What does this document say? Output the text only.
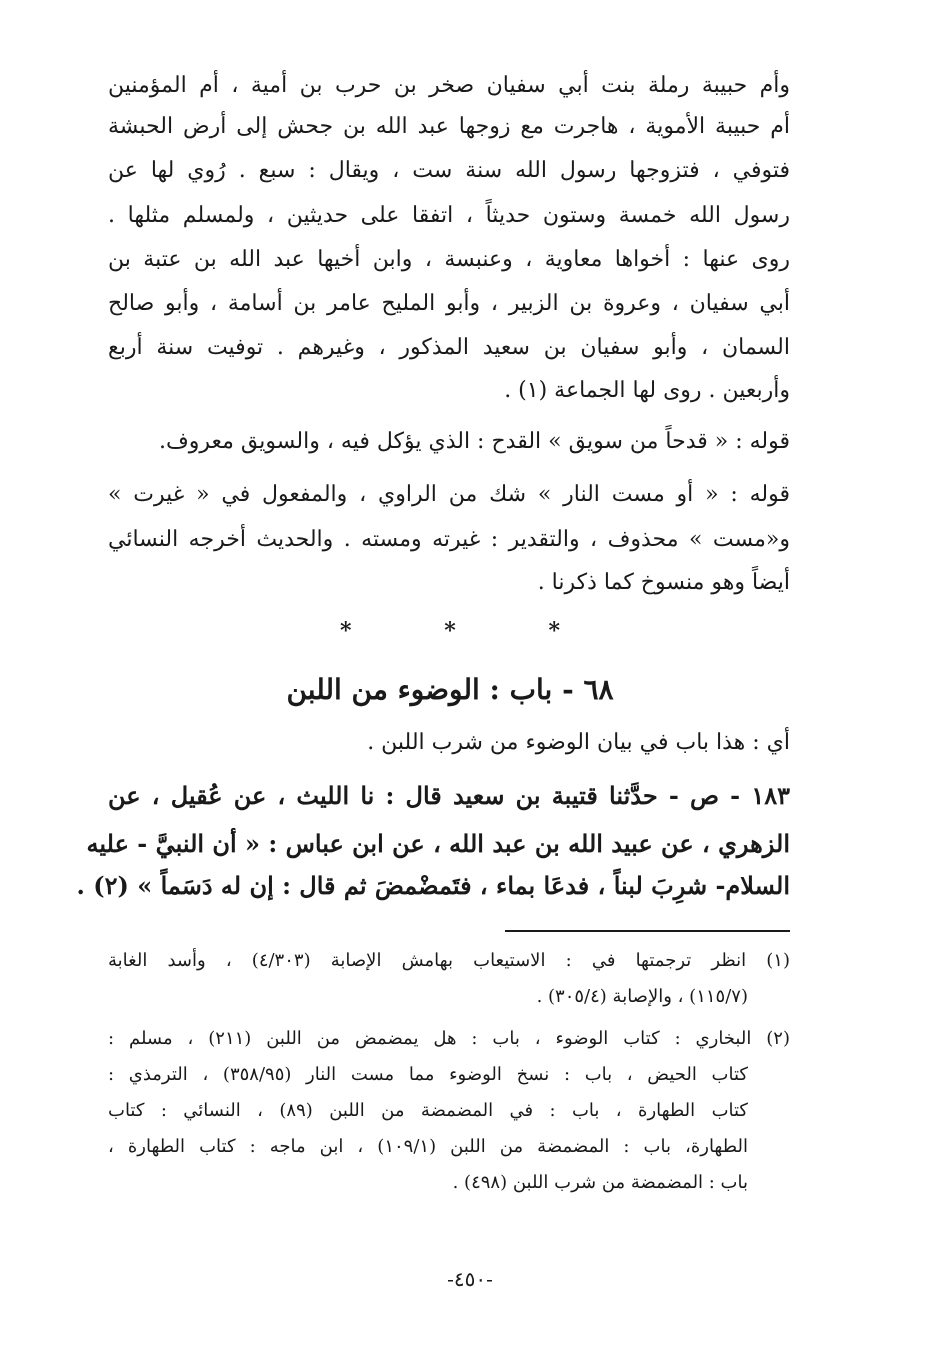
وأم حبيبة رملة بنت أبي سفيان صخر بن حرب بن أمية ، أم المؤمنين
أم حبيبة الأموية ، هاجرت مع زوجها عبد الله بن جحش إلى أرض الحبشة
فتوفي ، فتزوجها رسول الله سنة ست ، ويقال : سبع . رُوي لها عن
رسول الله خمسة وستون حديثاً ، اتفقا على حديثين ، ولمسلم مثلها .
روى عنها : أخواها معاوية ، وعنبسة ، وابن أخيها عبد الله بن عتبة بن
أبي سفيان ، وعروة بن الزبير ، وأبو المليح عامر بن أسامة ، وأبو صالح
السمان ، وأبو سفيان بن سعيد المذكور ، وغيرهم . توفيت سنة أربع
وأربعين . روى لها الجماعة (١) .
قوله : « قدحاً من سويق » القدح : الذي يؤكل فيه ، والسويق معروف.
قوله : « أو مست النار » شك من الراوي ، والمفعول في « غيرت »
و«مست » محذوف ، والتقدير : غيرته ومسته . والحديث أخرجه النسائي
أيضاً وهو منسوخ كما ذكرنا .
*
*
*
٦٨ - باب : الوضوء من اللبن
أي : هذا باب في بيان الوضوء من شرب اللبن .
١٨٣ - ص - حدَّثنا قتيبة بن سعيد قال : نا الليث ، عن عُقيل ، عن
الزهري ، عن عبيد الله بن عبد الله ، عن ابن عباس : « أن النبيَّ - عليه
السلام- شرِبَ لبناً ، فدعَا بماء ، فتَمضْمضَ ثم قال : إن له دَسَماً » (٢) .
(١) انظر ترجمتها في : الاستيعاب بهامش الإصابة (٤/٣٠٣) ، وأسد الغابة
(١١٥/٧) ، والإصابة (٣٠٥/٤) .
(٢) البخاري : كتاب الوضوء ، باب : هل يمضمض من اللبن (٢١١) ، مسلم :
كتاب الحيض ، باب : نسخ الوضوء مما مست النار (٣٥٨/٩٥) ، الترمذي :
كتاب الطهارة ، باب : في المضمضة من اللبن (٨٩) ، النسائي : كتاب
الطهارة، باب : المضمضة من اللبن (١٠٩/١) ، ابن ماجه : كتاب الطهارة ،
باب : المضمضة من شرب اللبن (٤٩٨) .
-٤٥٠-
